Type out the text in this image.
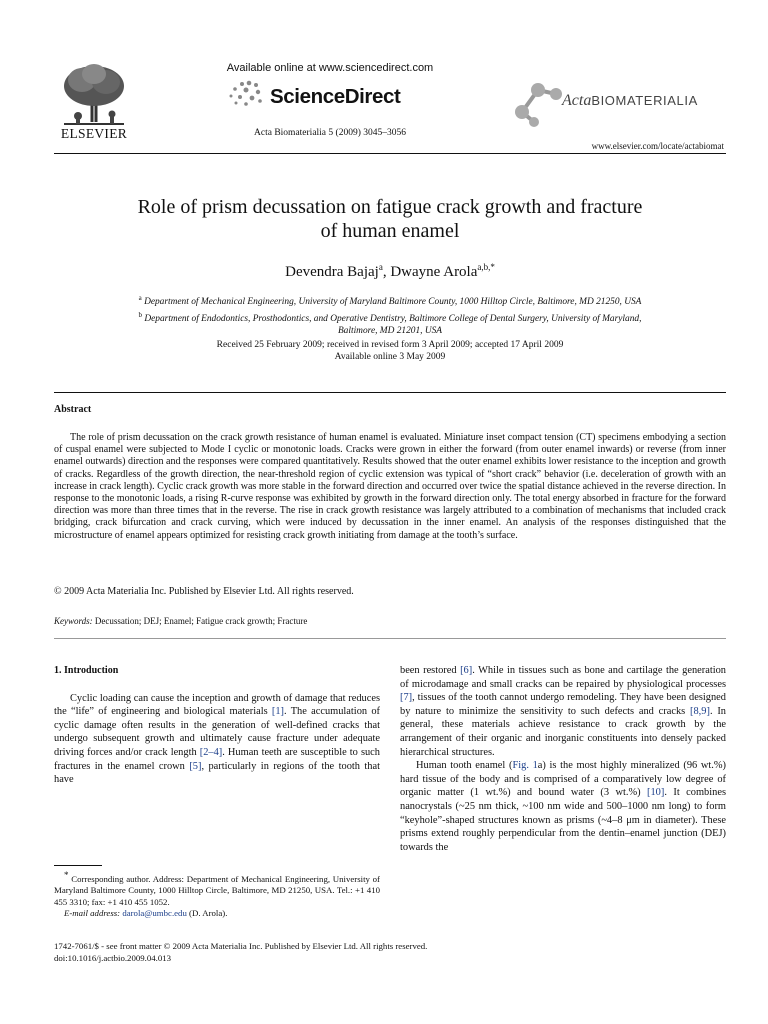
ELSEVIER
Available online at www.sciencedirect.com
ScienceDirect
Acta Biomaterialia 5 (2009) 3045–3056
ActaBIOMATERIALIA
www.elsevier.com/locate/actabiomat
Role of prism decussation on fatigue crack growth and fracture
of human enamel
Devendra Bajaj$^a$, Dwayne Arola$^{a,b,*}$
$^a$ Department of Mechanical Engineering, University of Maryland Baltimore County, 1000 Hilltop Circle, Baltimore, MD 21250, USA
$^b$ Department of Endodontics, Prosthodontics, and Operative Dentistry, Baltimore College of Dental Surgery, University of Maryland,
Baltimore, MD 21201, USA
Received 25 February 2009; received in revised form 3 April 2009; accepted 17 April 2009
Available online 3 May 2009
Abstract

The role of prism decussation on the crack growth resistance of human enamel is evaluated. Miniature inset compact tension (CT) specimens embodying a section of cuspal enamel were subjected to Mode I cyclic or monotonic loads. Cracks were grown in either the forward (from outer enamel inwards) or reverse (from inner enamel outwards) direction and the responses were compared quantitatively. Results showed that the outer enamel exhibits lower resistance to the inception and growth of cracks. Regardless of the growth direction, the near-threshold region of cyclic extension was typical of “short crack” behavior (i.e. deceleration of growth with an increase in crack length). Cyclic crack growth was more stable in the forward direction and occurred over twice the spatial distance achieved in the reverse direction. In response to the monotonic loads, a rising R-curve response was exhibited by growth in the forward direction only. The total energy absorbed in fracture for the forward direction was more than three times that in the reverse. The rise in crack growth resistance was largely attributed to a combination of mechanisms that included crack bridging, crack bifurcation and crack curving, which were induced by decussation in the inner enamel. An analysis of the responses distinguished that the microstructure of enamel appears optimized for resisting crack growth initiating from damage at the tooth’s surface.

© 2009 Acta Materialia Inc. Published by Elsevier Ltd. All rights reserved.
Keywords: Decussation; DEJ; Enamel; Fatigue crack growth; Fracture
1. Introduction

Cyclic loading can cause the inception and growth of damage that reduces the “life” of engineering and biological materials [1]. The accumulation of cyclic damage often results in the generation of well-defined cracks that undergo subsequent growth and ultimately cause fracture under adequate driving forces and/or crack length [2–4]. Human teeth are susceptible to such fractures in the enamel crown [5], particularly in regions of the tooth that have

been restored [6]. While in tissues such as bone and cartilage the generation of microdamage and small cracks can be repaired by physiological processes [7], tissues of the tooth cannot undergo remodeling. They have been designed by nature to minimize the sensitivity to such defects and cracks [8,9]. In general, these materials achieve resistance to crack growth by the arrangement of their organic and inorganic constituents into densely packed hierarchical structures.

Human tooth enamel (Fig. 1a) is the most highly mineralized (96 wt.%) hard tissue of the body and is comprised of a comparatively low degree of organic matter (1 wt.%) and bound water (3 wt.%) [10]. It combines nanocrystals (~25 nm thick, ~100 nm wide and 500–1000 nm long) to form “keyhole”-shaped structures known as prisms (~4–8 μm in diameter). These prisms extend roughly perpendicular from the dentin–enamel junction (DEJ) towards the

* Corresponding author. Address: Department of Mechanical Engineering, University of Maryland Baltimore County, 1000 Hilltop Circle, Baltimore, MD 21250, USA. Tel.: +1 410 455 3310; fax: +1 410 455 1052.

E-mail address: darola@umbc.edu (D. Arola).

1742-7061/$ - see front matter © 2009 Acta Materialia Inc. Published by Elsevier Ltd. All rights reserved.
doi:10.1016/j.actbio.2009.04.013
